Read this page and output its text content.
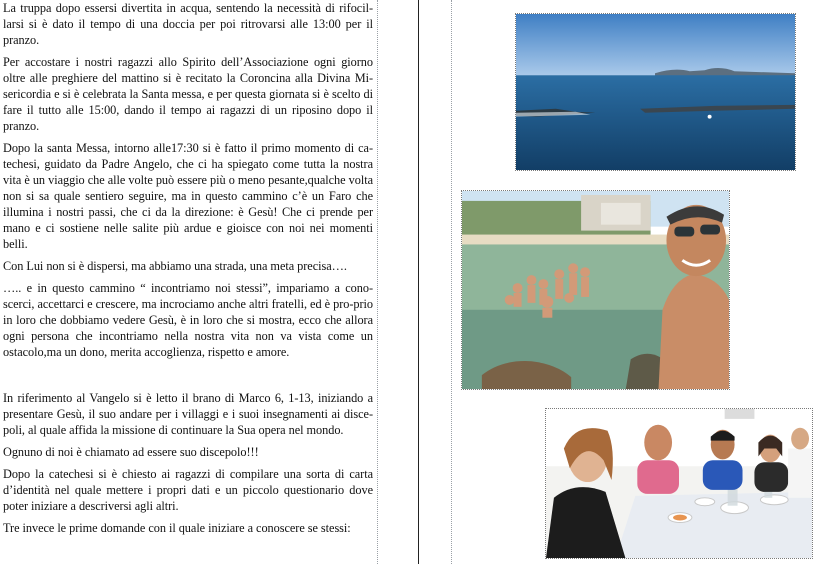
La truppa dopo essersi divertita in acqua, sentendo la necessità di rifocil-larsi si è dato il tempo di una doccia per poi ritrovarsi alle 13:00 per il pranzo.

Per accostare i nostri ragazzi allo Spirito dell’Associazione ogni giorno oltre alle preghiere del mattino si è recitato la Coroncina alla Divina Mi-sericordia e si è celebrata la Santa messa, e per questa giornata si è scelto di fare il tutto alle 15:00, dando il tempo ai ragazzi di un riposino dopo il pranzo.

Dopo la santa Messa, intorno alle17:30 si è fatto il primo momento di ca-techesi, guidato da Padre Angelo, che ci ha spiegato come tutta la nostra vita è un viaggio che alle volte può essere più o meno pesante,qualche volta non si sa quale sentiero seguire, ma in questo cammino c’è un Faro che illumina i nostri passi, che ci da la direzione: è Gesù! Che ci prende per mano e ci sostiene nelle salite più ardue e gioisce con noi nei momenti belli.

Con Lui non si è dispersi, ma abbiamo una strada, una meta precisa….

….. e in questo cammino “ incontriamo noi stessi”, impariamo a cono-scerci, accettarci e crescere, ma incrociamo anche altri fratelli, ed è pro-prio in loro che dobbiamo vedere Gesù, è in loro che si mostra, ecco che allora ogni persona che incontriamo nella nostra vita non va vista come un ostacolo,ma un dono, merita accoglienza, rispetto e amore.

In riferimento al Vangelo si è letto il brano di Marco 6, 1-13, iniziando a presentare Gesù, il suo andare per i villaggi e i suoi insegnamenti ai disce-poli, al quale affida la missione di continuare la Sua opera nel mondo.

Ognuno di noi è chiamato ad essere suo discepolo!!!

Dopo la catechesi si è chiesto ai ragazzi di compilare una sorta di carta d’identità nel quale mettere i propri dati e un piccolo questionario dove poter iniziare a descriversi agli altri.

Tre invece le prime domande con il quale iniziare a conoscere se stessi:
